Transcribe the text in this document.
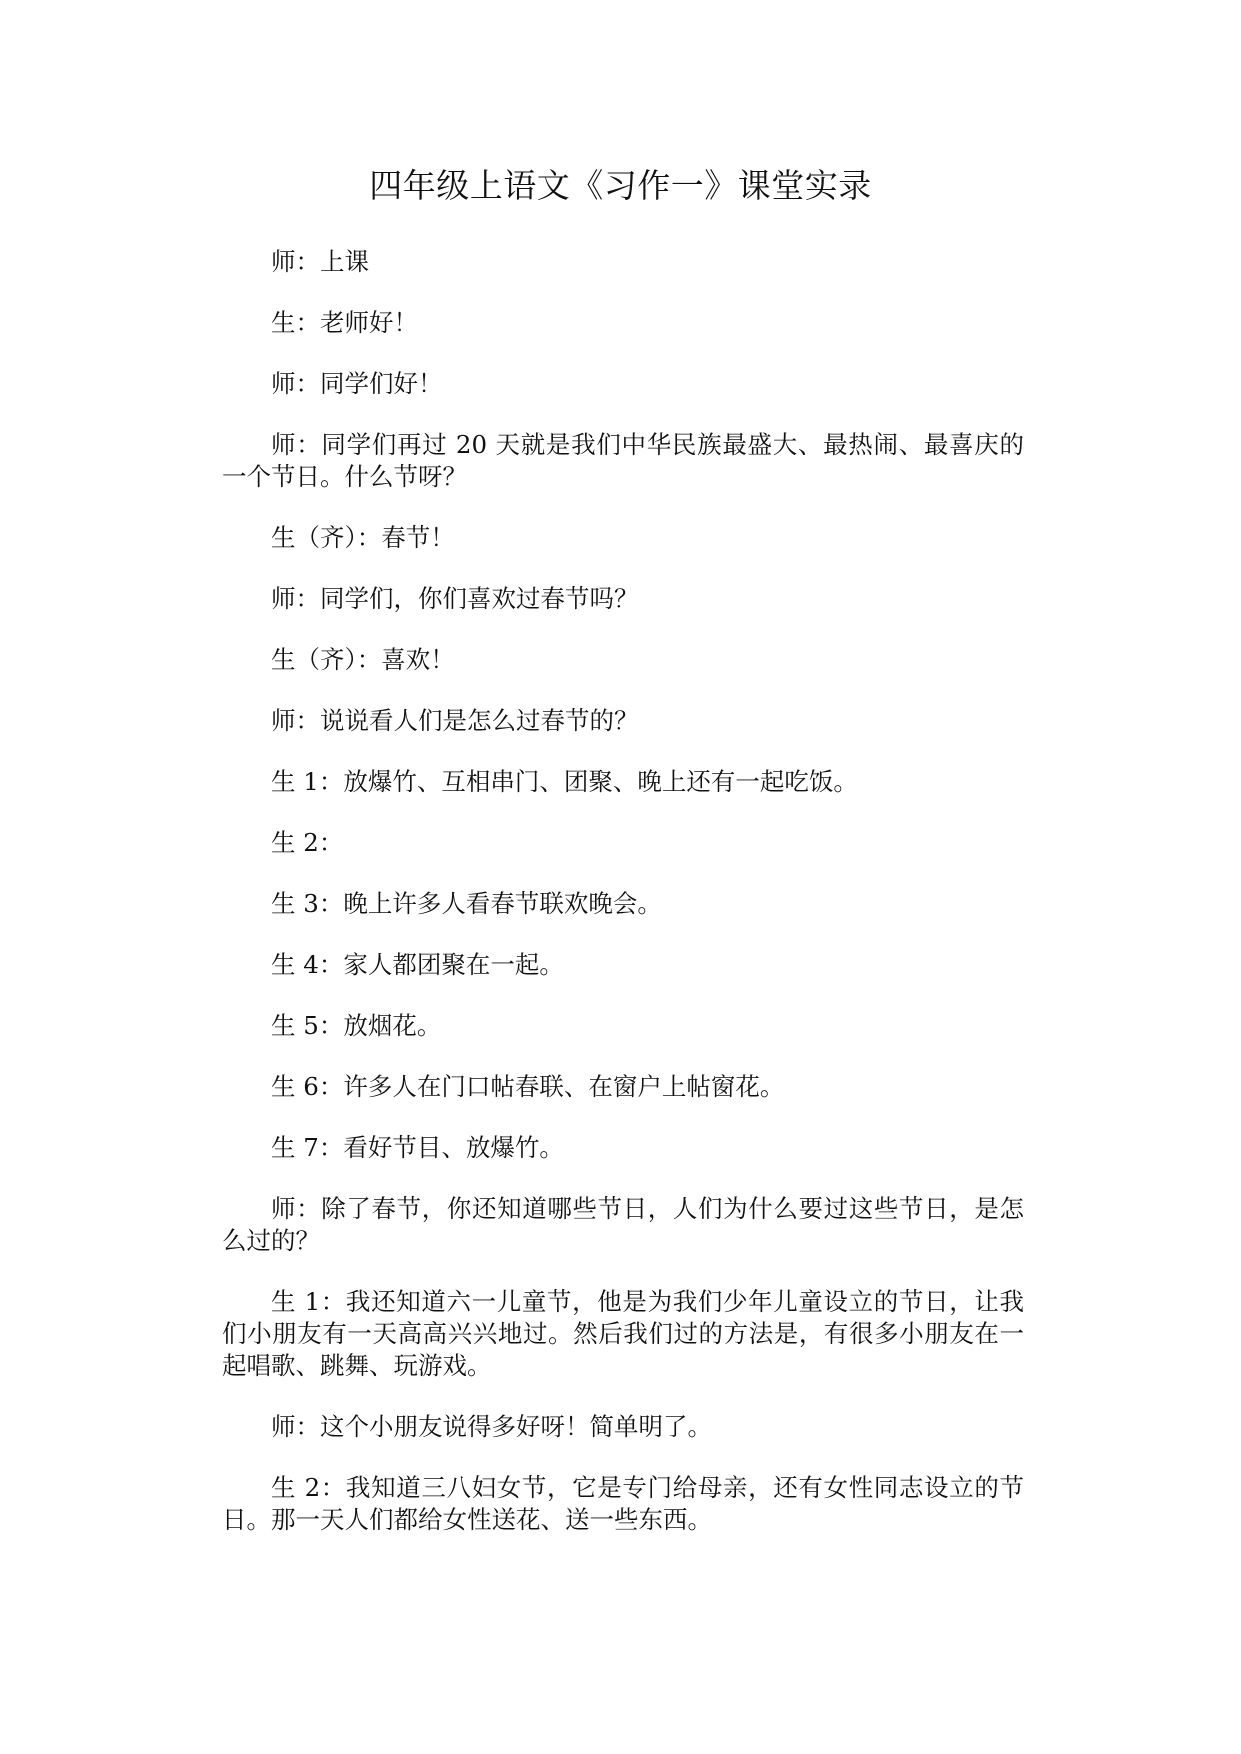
四年级上语文《习作一》课堂实录

师：上课

生：老师好！

师：同学们好！

师：同学们再过 20 天就是我们中华民族最盛大、最热闹、最喜庆的一个节日。什么节呀？

生（齐）：春节！

师：同学们，你们喜欢过春节吗？

生（齐）：喜欢！

师：说说看人们是怎么过春节的？

生 1：放爆竹、互相串门、团聚、晚上还有一起吃饭。

生 2：

生 3：晚上许多人看春节联欢晚会。

生 4：家人都团聚在一起。

生 5：放烟花。

生 6：许多人在门口帖春联、在窗户上帖窗花。

生 7：看好节目、放爆竹。

师：除了春节，你还知道哪些节日，人们为什么要过这些节日，是怎么过的？

生 1：我还知道六一儿童节，他是为我们少年儿童设立的节日，让我们小朋友有一天高高兴兴地过。然后我们过的方法是，有很多小朋友在一起唱歌、跳舞、玩游戏。

师：这个小朋友说得多好呀！简单明了。

生 2：我知道三八妇女节，它是专门给母亲，还有女性同志设立的节日。那一天人们都给女性送花、送一些东西。
